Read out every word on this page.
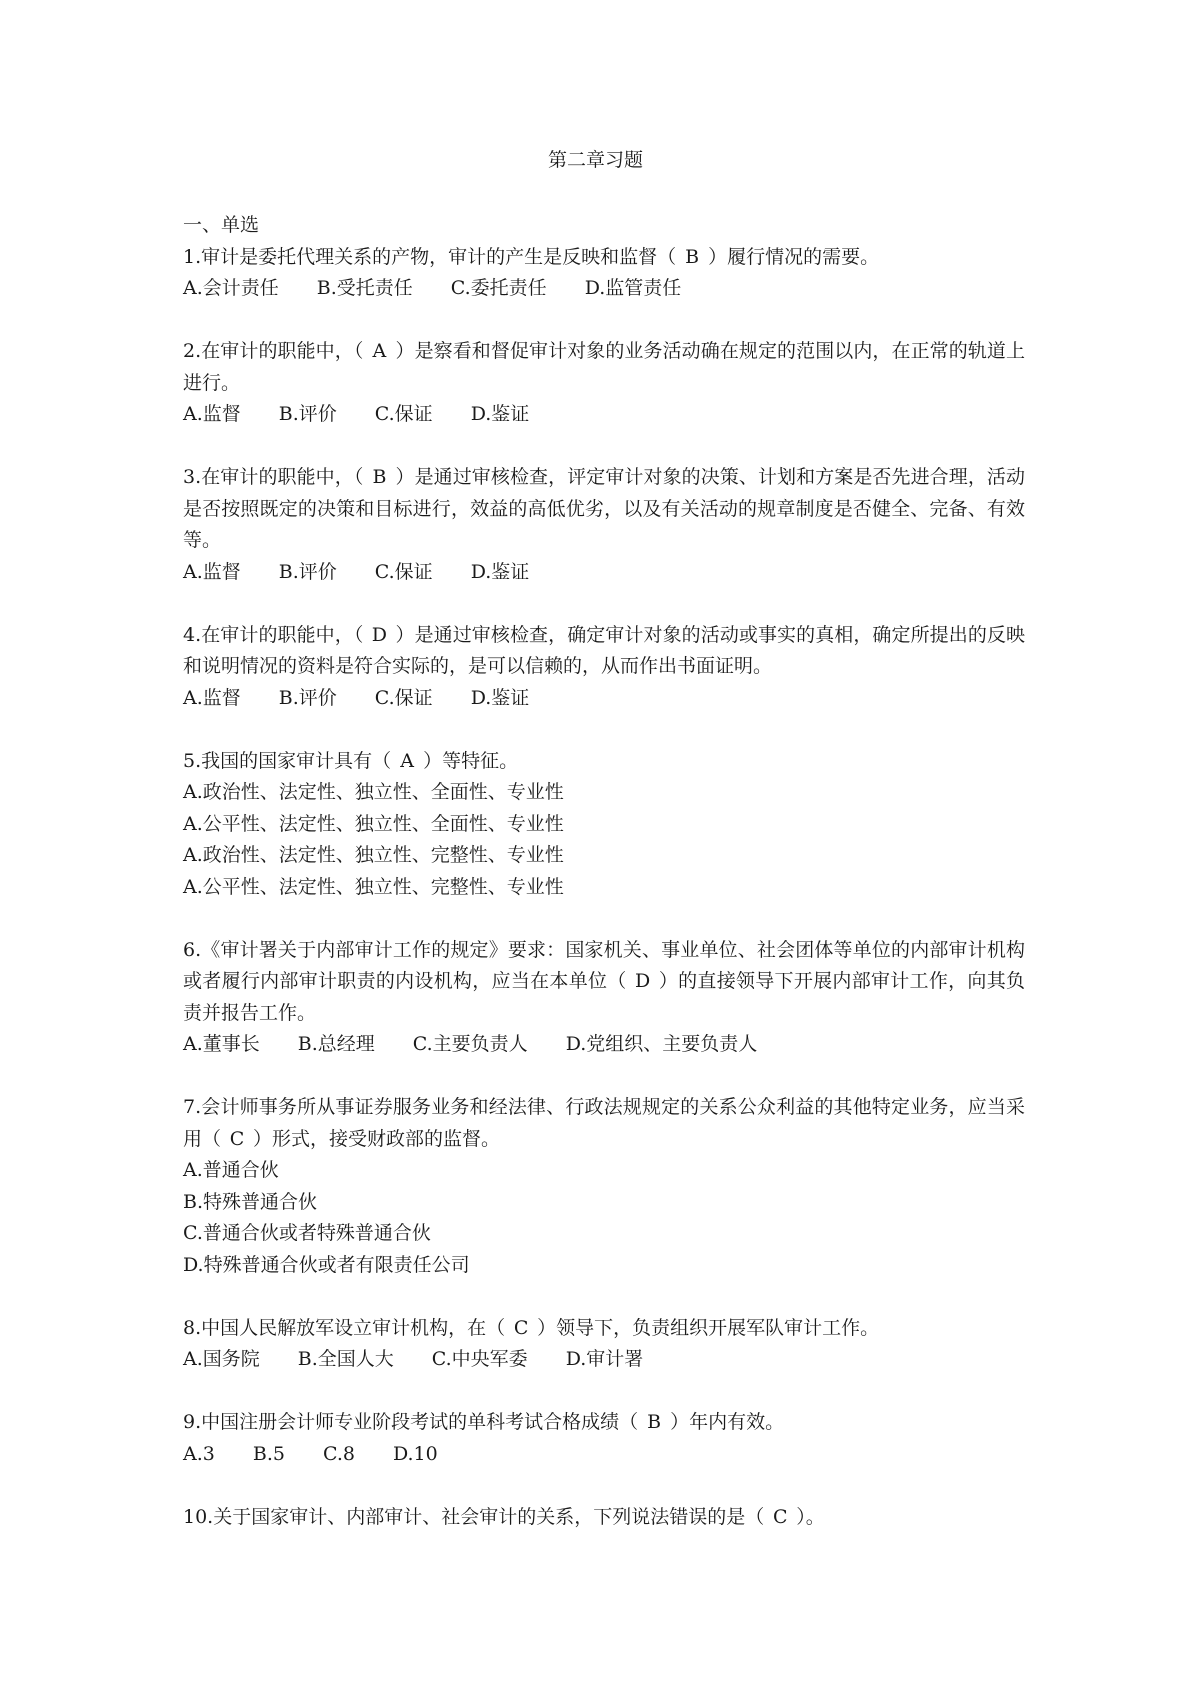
第二章习题

一、单选

1.审计是委托代理关系的产物，审计的产生是反映和监督（ B ）履行情况的需要。

A.会计责任 B.受托责任 C.委托责任 D.监管责任

2.在审计的职能中，（ A ）是察看和督促审计对象的业务活动确在规定的范围以内，在正常的轨道上进行。

A.监督 B.评价 C.保证 D.鉴证

3.在审计的职能中，（ B ）是通过审核检查，评定审计对象的决策、计划和方案是否先进合理，活动是否按照既定的决策和目标进行，效益的高低优劣，以及有关活动的规章制度是否健全、完备、有效等。

A.监督 B.评价 C.保证 D.鉴证

4.在审计的职能中，（ D ）是通过审核检查，确定审计对象的活动或事实的真相，确定所提出的反映和说明情况的资料是符合实际的，是可以信赖的，从而作出书面证明。

A.监督 B.评价 C.保证 D.鉴证

5.我国的国家审计具有（ A ）等特征。

A.政治性、法定性、独立性、全面性、专业性

A.公平性、法定性、独立性、全面性、专业性

A.政治性、法定性、独立性、完整性、专业性

A.公平性、法定性、独立性、完整性、专业性

6.《审计署关于内部审计工作的规定》要求：国家机关、事业单位、社会团体等单位的内部审计机构或者履行内部审计职责的内设机构，应当在本单位（ D ）的直接领导下开展内部审计工作，向其负责并报告工作。

A.董事长 B.总经理 C.主要负责人 D.党组织、主要负责人

7.会计师事务所从事证券服务业务和经法律、行政法规规定的关系公众利益的其他特定业务，应当采用（ C ）形式，接受财政部的监督。

A.普通合伙

B.特殊普通合伙

C.普通合伙或者特殊普通合伙

D.特殊普通合伙或者有限责任公司

8.中国人民解放军设立审计机构，在（ C ）领导下，负责组织开展军队审计工作。

A.国务院 B.全国人大 C.中央军委 D.审计署

9.中国注册会计师专业阶段考试的单科考试合格成绩（ B ）年内有效。

A.3 B.5 C.8 D.10

10.关于国家审计、内部审计、社会审计的关系，下列说法错误的是（ C ）。
